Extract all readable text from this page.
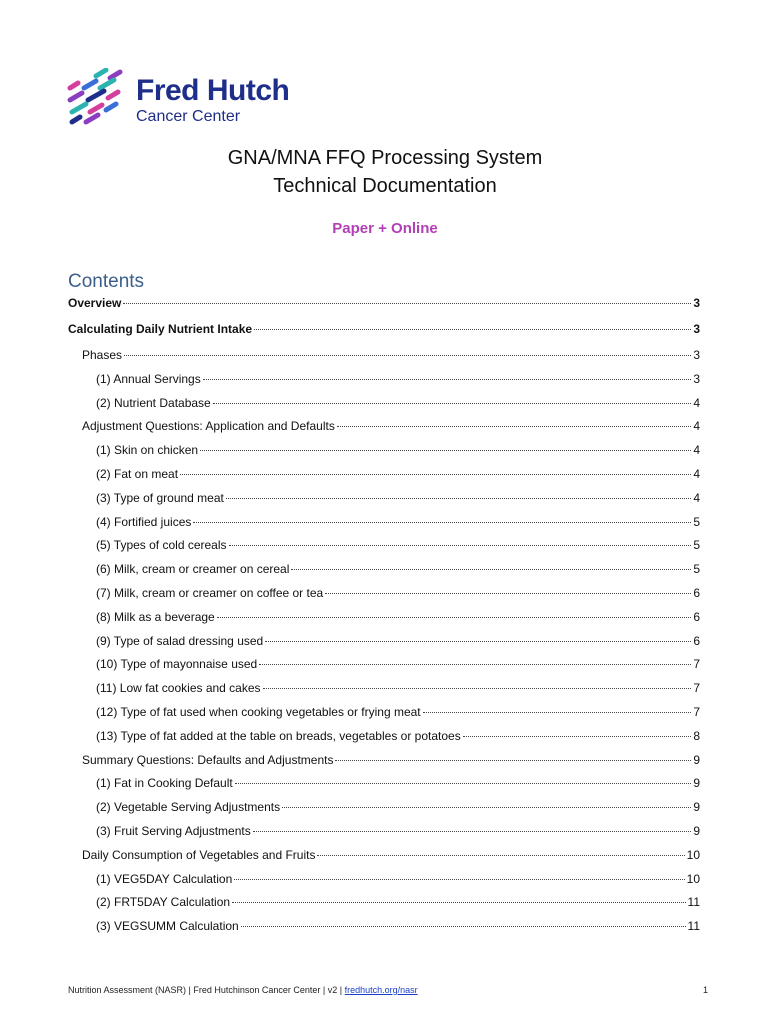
Fred Hutch
Cancer Center
GNA/MNA FFQ Processing System
Technical Documentation
Paper + Online
Contents
Overview	3
Calculating Daily Nutrient Intake	3
Phases	3
(1) Annual Servings	3
(2) Nutrient Database	4
Adjustment Questions: Application and Defaults	4
(1) Skin on chicken	4
(2) Fat on meat	4
(3) Type of ground meat	4
(4) Fortified juices	5
(5) Types of cold cereals	5
(6) Milk, cream or creamer on cereal	5
(7) Milk, cream or creamer on coffee or tea	6
(8) Milk as a beverage	6
(9) Type of salad dressing used	6
(10) Type of mayonnaise used	7
(11) Low fat cookies and cakes	7
(12) Type of fat used when cooking vegetables or frying meat	7
(13) Type of fat added at the table on breads, vegetables or potatoes	8
Summary Questions: Defaults and Adjustments	9
(1) Fat in Cooking Default	9
(2) Vegetable Serving Adjustments	9
(3) Fruit Serving Adjustments	9
Daily Consumption of Vegetables and Fruits	10
(1) VEG5DAY Calculation	10
(2) FRT5DAY Calculation	11
(3) VEGSUMM Calculation	11
Nutrition Assessment (NASR) | Fred Hutchinson Cancer Center | v2 | fredhutch.org/nasr	1
